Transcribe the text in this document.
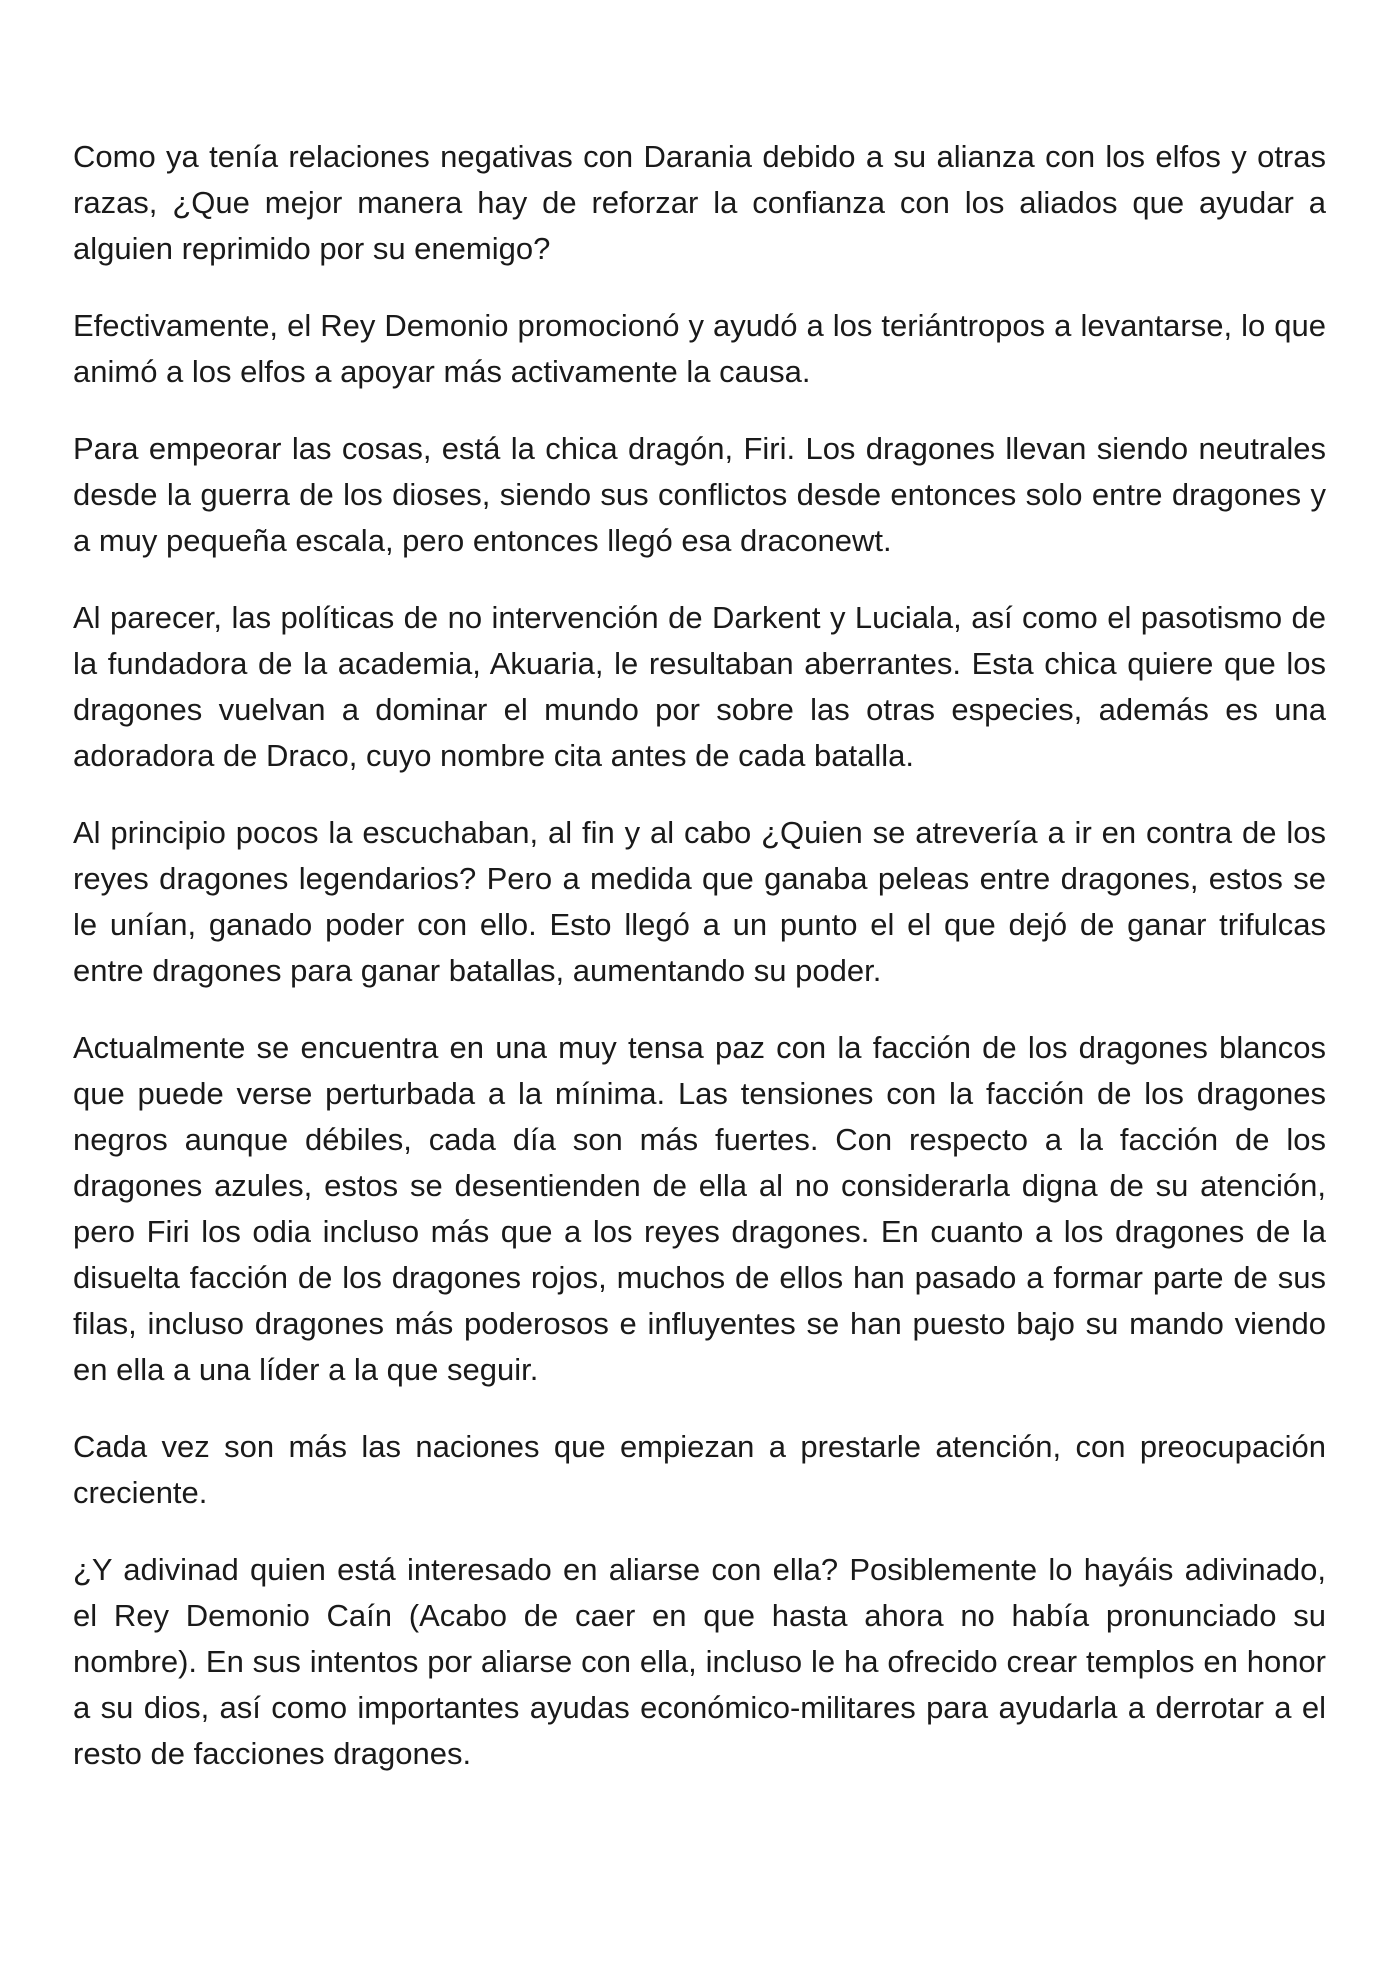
Como ya tenía relaciones negativas con Darania debido a su alianza con los elfos y otras razas, ¿Que mejor manera hay de reforzar la confianza con los aliados que ayudar a alguien reprimido por su enemigo?

Efectivamente, el Rey Demonio promocionó y ayudó a los teriántropos a levantarse, lo que animó a los elfos a apoyar más activamente la causa.

Para empeorar las cosas, está la chica dragón, Firi. Los dragones llevan siendo neutrales desde la guerra de los dioses, siendo sus conflictos desde entonces solo entre dragones y a muy pequeña escala, pero entonces llegó esa draconewt.

Al parecer, las políticas de no intervención de Darkent y Luciala, así como el pasotismo de la fundadora de la academia, Akuaria, le resultaban aberrantes. Esta chica quiere que los dragones vuelvan a dominar el mundo por sobre las otras especies, además es una adoradora de Draco, cuyo nombre cita antes de cada batalla.

Al principio pocos la escuchaban, al fin y al cabo ¿Quien se atrevería a ir en contra de los reyes dragones legendarios? Pero a medida que ganaba peleas entre dragones, estos se le unían, ganado poder con ello. Esto llegó a un punto el el que dejó de ganar trifulcas entre dragones para ganar batallas, aumentando su poder.

Actualmente se encuentra en una muy tensa paz con la facción de los dragones blancos que puede verse perturbada a la mínima. Las tensiones con la facción de los dragones negros aunque débiles, cada día son más fuertes. Con respecto a la facción de los dragones azules, estos se desentienden de ella al no considerarla digna de su atención, pero Firi los odia incluso más que a los reyes dragones. En cuanto a los dragones de la disuelta facción de los dragones rojos, muchos de ellos han pasado a formar parte de sus filas, incluso dragones más poderosos e influyentes se han puesto bajo su mando viendo en ella a una líder a la que seguir.

Cada vez son más las naciones que empiezan a prestarle atención, con preocupación creciente.

¿Y adivinad quien está interesado en aliarse con ella? Posiblemente lo hayáis adivinado, el Rey Demonio Caín (Acabo de caer en que hasta ahora no había pronunciado su nombre). En sus intentos por aliarse con ella, incluso le ha ofrecido crear templos en honor a su dios, así como importantes ayudas económico-militares para ayudarla a derrotar a el resto de facciones dragones.
